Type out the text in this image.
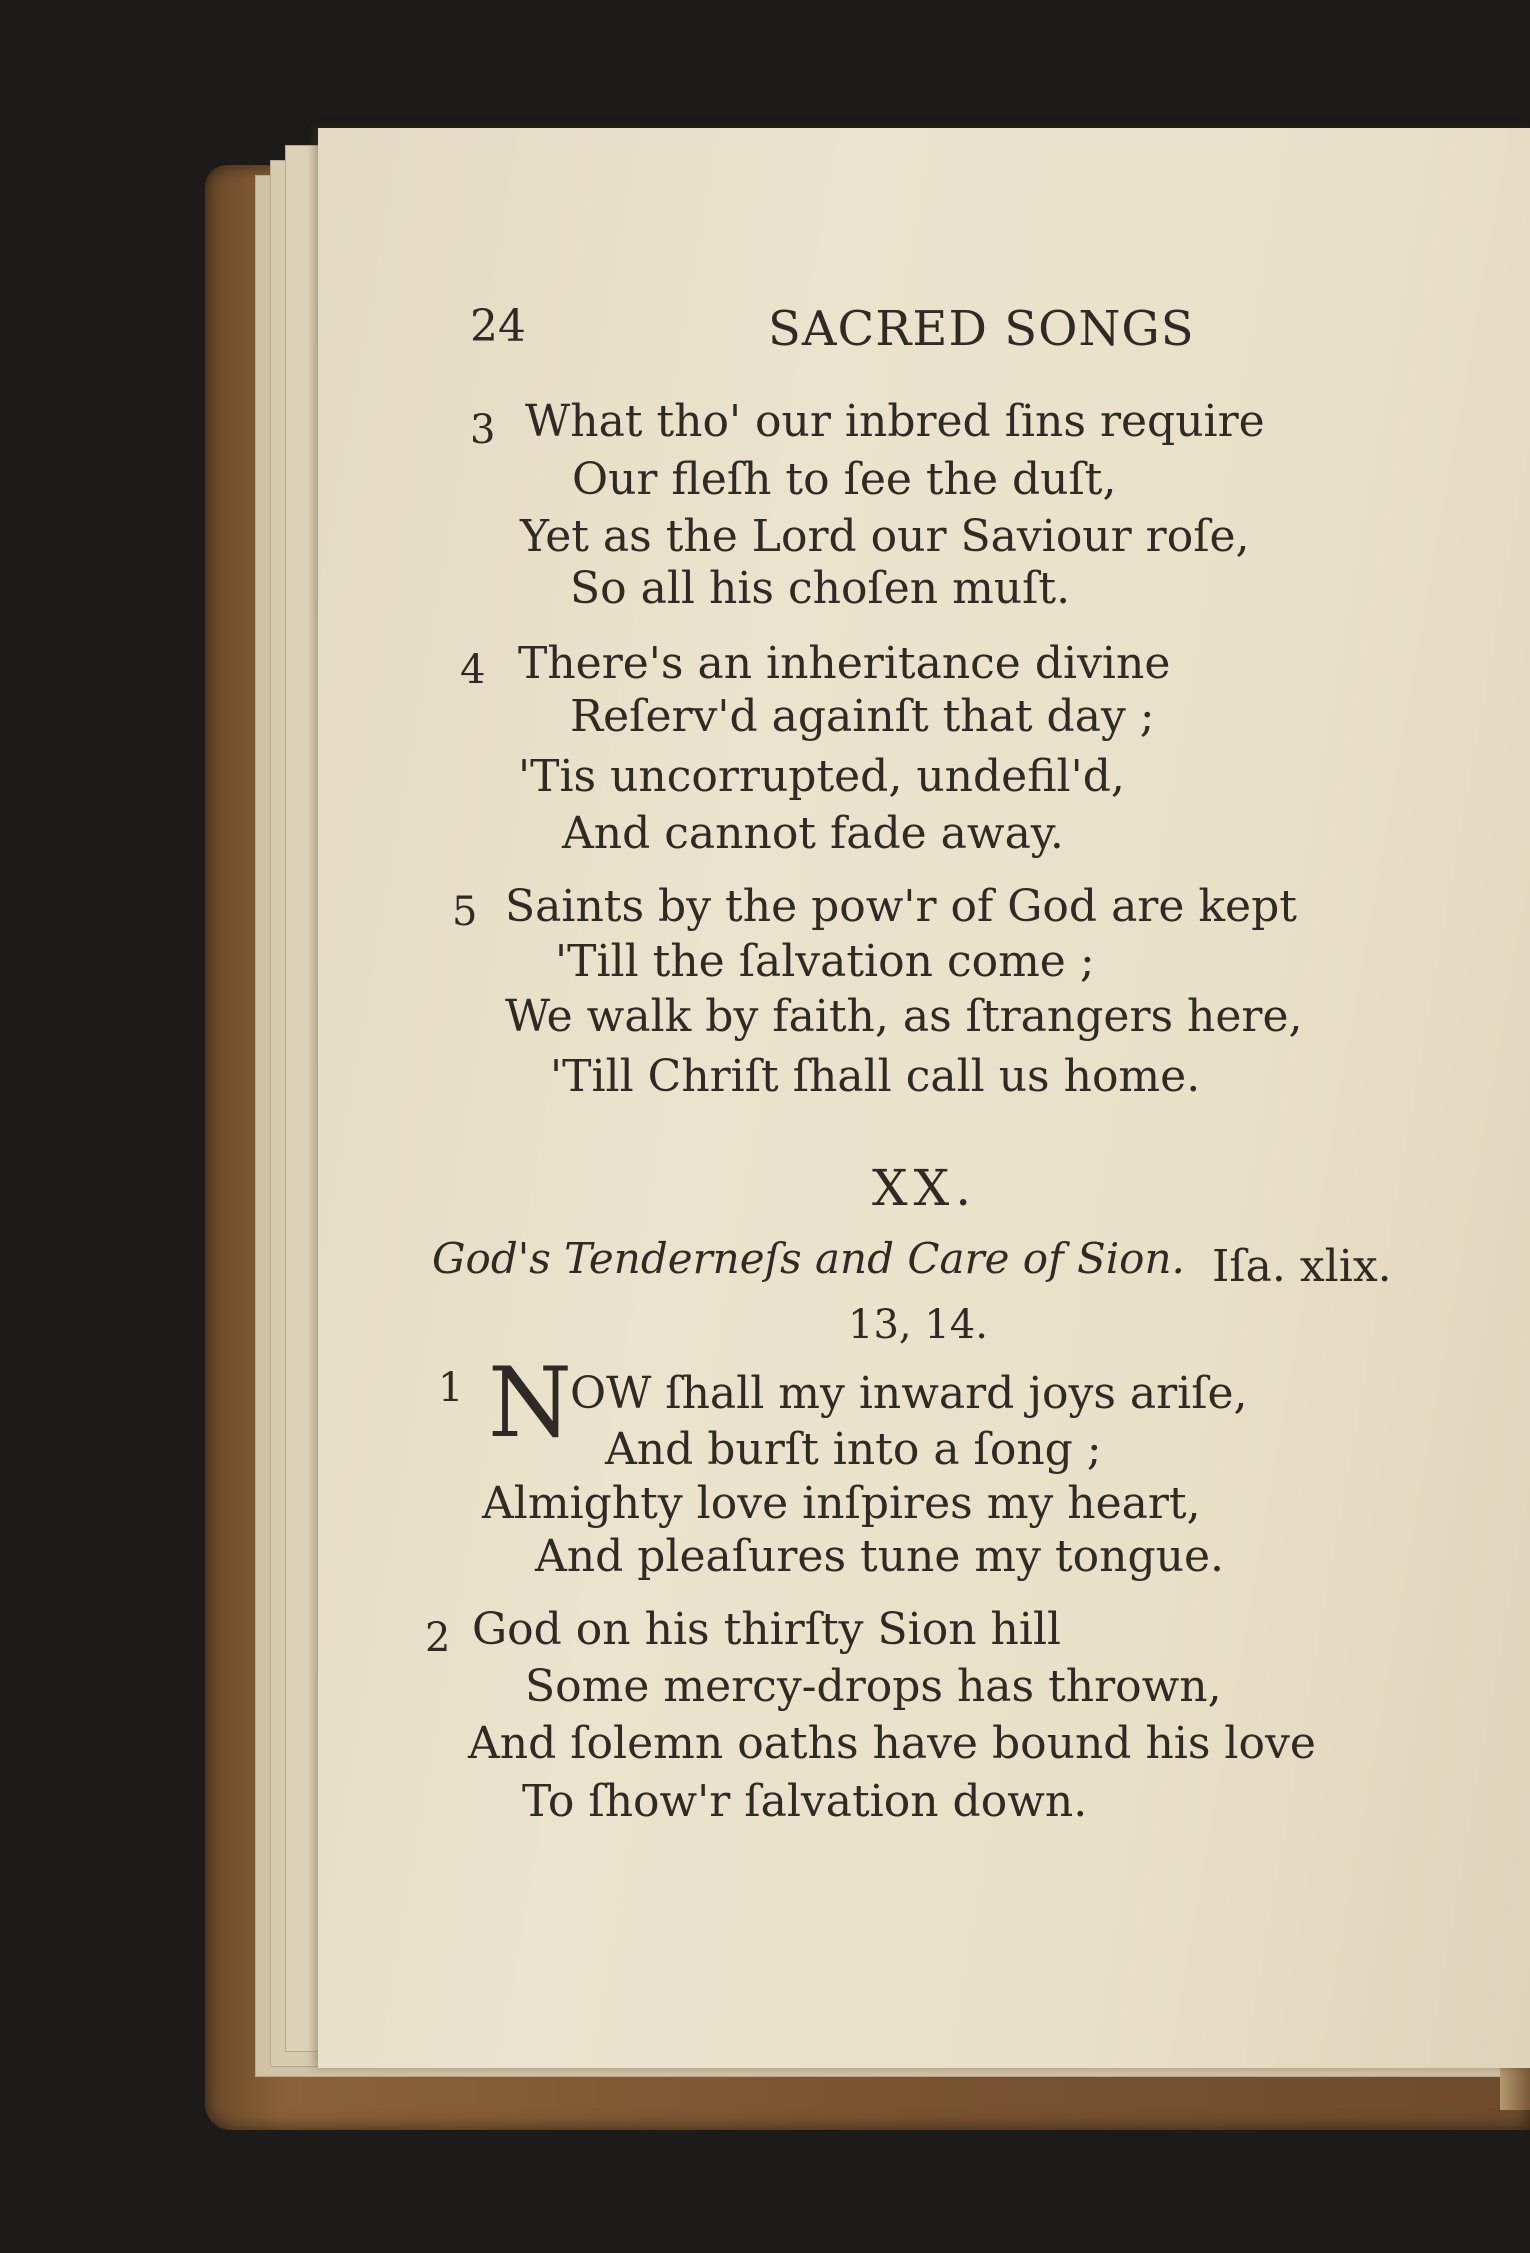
24	SACRED SONGS
3 What tho' our inbred ſins require
Our fleſh to ſee the duſt,
Yet as the Lord our Saviour roſe,
So all his choſen muſt.
4 There's an inheritance divine
Reſerv'd againſt that day ;
'Tis uncorrupted, undefil'd,
And cannot fade away.
5 Saints by the pow'r of God are kept
'Till the ſalvation come ;
We walk by faith, as ſtrangers here,
'Till Chriſt ſhall call us home.
XX.
God's Tenderneſs and Care of Sion. Iſa. xlix.
13, 14.
1 N
OW ſhall my inward joys ariſe,
And burſt into a ſong ;
Almighty love inſpires my heart,
And pleaſures tune my tongue.
2 God on his thirſty Sion hill
Some mercy-drops has thrown,
And ſolemn oaths have bound his love
To ſhow'r ſalvation down.
